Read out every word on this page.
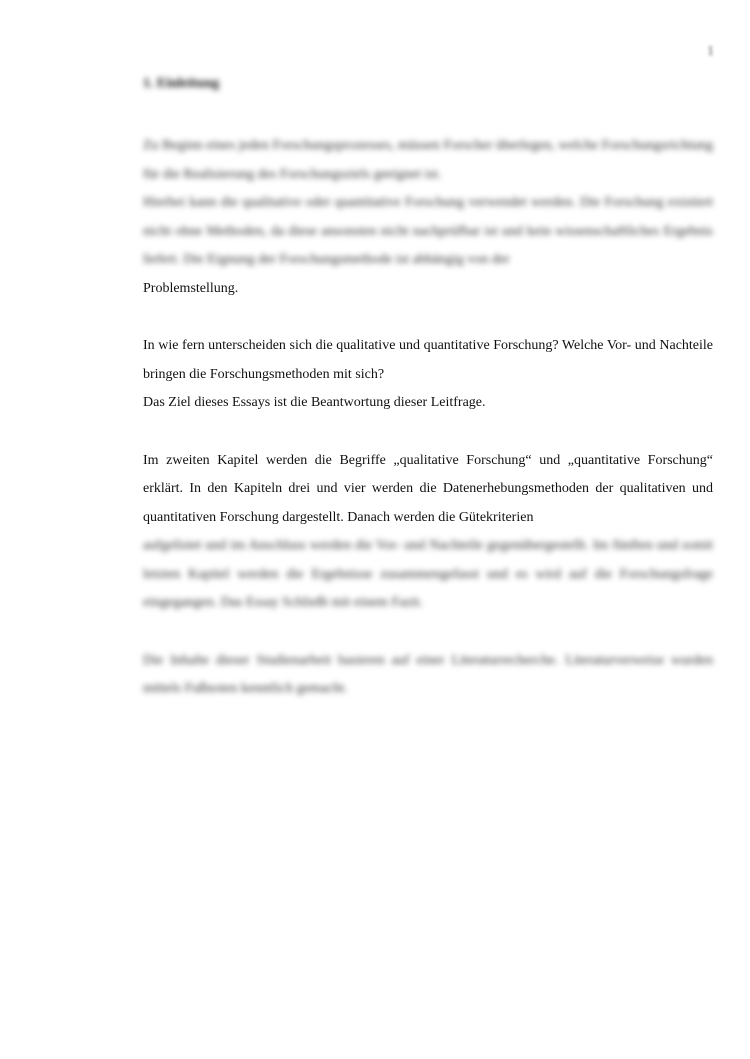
1
1. Einleitung

Zu Beginn eines jeden Forschungsprozesses, müssen Forscher überlegen, welche Forschungsrichtung für die Realisierung des Forschungsziels geeignet ist.

Hierbei kann die qualitative oder quantitative Forschung verwendet werden. Die Forschung existiert nicht ohne Methoden, da diese ansonsten nicht nachprüfbar ist und kein wissenschaftliches Ergebnis liefert. Die Eignung der Forschungsmethode ist abhängig von der

Problemstellung.

In wie fern unterscheiden sich die qualitative und quantitative Forschung? Welche Vor- und Nachteile bringen die Forschungsmethoden mit sich?

Das Ziel dieses Essays ist die Beantwortung dieser Leitfrage.

Im zweiten Kapitel werden die Begriffe „qualitative Forschung“ und „quantitative Forschung“ erklärt. In den Kapiteln drei und vier werden die Datenerhebungsmethoden der qualitativen und quantitativen Forschung dargestellt. Danach werden die Gütekriterien

aufgelistet und im Anschluss werden die Vor- und Nachteile gegenübergestellt. Im fünften und somit letzten Kapitel werden die Ergebnisse zusammengefasst und es wird auf die Forschungsfrage eingegangen. Das Essay Schließt mit einem Fazit.

Die Inhalte dieser Studienarbeit basieren auf einer Literaturrecherche. Literaturverweise wurden mittels Fußnoten kenntlich gemacht.
